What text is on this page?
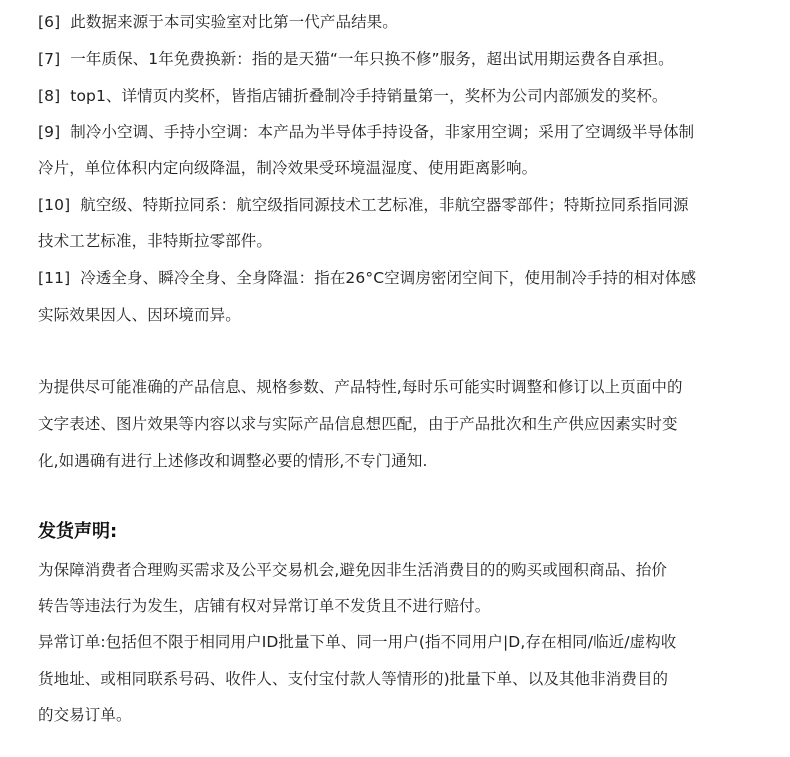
[6] 此数据来源于本司实验室对比第一代产品结果。
[7] 一年质保、1年免费换新：指的是天猫“一年只换不修”服务，超出试用期运费各自承担。
[8] top1、详情页内奖杯，皆指店铺折叠制冷手持销量第一，奖杯为公司内部颁发的奖杯。
[9] 制冷小空调、手持小空调：本产品为半导体手持设备，非家用空调；采用了空调级半导体制
冷片，单位体积内定向级降温，制冷效果受环境温湿度、使用距离影响。
[10] 航空级、特斯拉同系：航空级指同源技术工艺标准，非航空器零部件；特斯拉同系指同源
技术工艺标准，非特斯拉零部件。
[11] 冷透全身、瞬冷全身、全身降温：指在26°C空调房密闭空间下，使用制冷手持的相对体感
实际效果因人、因环境而异。
为提供尽可能准确的产品信息、规格参数、产品特性,每时乐可能实时调整和修订以上页面中的
文字表述、图片效果等内容以求与实际产品信息想匹配，由于产品批次和生产供应因素实时变
化,如遇确有进行上述修改和调整必要的情形,不专门通知.
发货声明:
为保障消费者合理购买需求及公平交易机会,避免因非生活消费目的的购买或囤积商品、抬价
转告等违法行为发生，店铺有权对异常订单不发货且不进行赔付。
异常订单:包括但不限于相同用户ID批量下单、同一用户(指不同用户|D,存在相同/临近/虚构收
货地址、或相同联系号码、收件人、支付宝付款人等情形的)批量下单、以及其他非消费目的
的交易订单。
